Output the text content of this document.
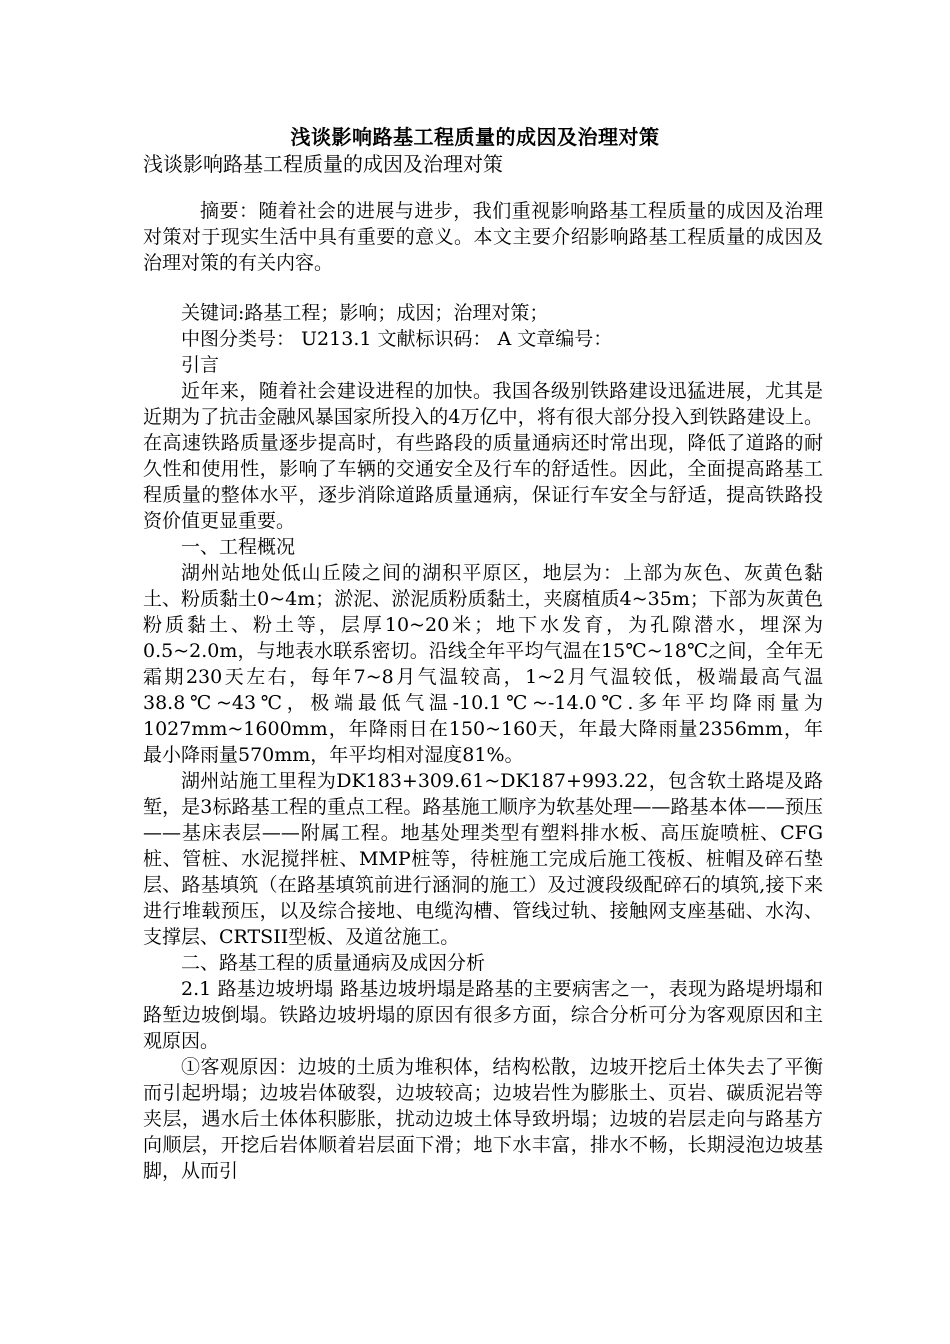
浅谈影响路基工程质量的成因及治理对策
浅谈影响路基工程质量的成因及治理对策

摘要：随着社会的进展与进步，我们重视影响路基工程质量的成因及治理对策对于现实生活中具有重要的意义。本文主要介绍影响路基工程质量的成因及治理对策的有关内容。

关键词:路基工程；影响；成因；治理对策；

中图分类号： U213.1 文献标识码： A 文章编号：

引言

近年来，随着社会建设进程的加快。我国各级别铁路建设迅猛进展，尤其是近期为了抗击金融风暴国家所投入的4万亿中，将有很大部分投入到铁路建设上。在高速铁路质量逐步提高时，有些路段的质量通病还时常出现，降低了道路的耐久性和使用性，影响了车辆的交通安全及行车的舒适性。因此，全面提高路基工程质量的整体水平，逐步消除道路质量通病，保证行车安全与舒适，提高铁路投资价值更显重要。

一、工程概况

湖州站地处低山丘陵之间的湖积平原区，地层为：上部为灰色、灰黄色黏土、粉质黏土0~4m；淤泥、淤泥质粉质黏土，夹腐植质4~35m；下部为灰黄色粉质黏土、粉土等，层厚10~20米；地下水发育，为孔隙潜水，埋深为0.5~2.0m，与地表水联系密切。沿线全年平均气温在15℃~18℃之间，全年无霜期230天左右，每年7~8月气温较高，1~2月气温较低，极端最高气温38.8℃~43℃，极端最低气温-10.1℃~-14.0℃.多年平均降雨量为1027mm~1600mm，年降雨日在150~160天，年最大降雨量2356mm，年最小降雨量570mm，年平均相对湿度81%。

湖州站施工里程为DK183+309.61~DK187+993.22，包含软土路堤及路堑，是3标路基工程的重点工程。路基施工顺序为软基处理——路基本体——预压——基床表层——附属工程。地基处理类型有塑料排水板、高压旋喷桩、CFG桩、管桩、水泥搅拌桩、MMP桩等，待桩施工完成后施工筏板、桩帽及碎石垫层、路基填筑（在路基填筑前进行涵洞的施工）及过渡段级配碎石的填筑,接下来进行堆载预压，以及综合接地、电缆沟槽、管线过轨、接触网支座基础、水沟、支撑层、CRTSII型板、及道岔施工。

二、路基工程的质量通病及成因分析

2.1 路基边坡坍塌 路基边坡坍塌是路基的主要病害之一，表现为路堤坍塌和路堑边坡倒塌。铁路边坡坍塌的原因有很多方面，综合分析可分为客观原因和主观原因。

①客观原因：边坡的土质为堆积体，结构松散，边坡开挖后土体失去了平衡而引起坍塌；边坡岩体破裂，边坡较高；边坡岩性为膨胀土、页岩、碳质泥岩等夹层，遇水后土体体积膨胀，扰动边坡土体导致坍塌；边坡的岩层走向与路基方向顺层，开挖后岩体顺着岩层面下滑；地下水丰富，排水不畅，长期浸泡边坡基脚，从而引
